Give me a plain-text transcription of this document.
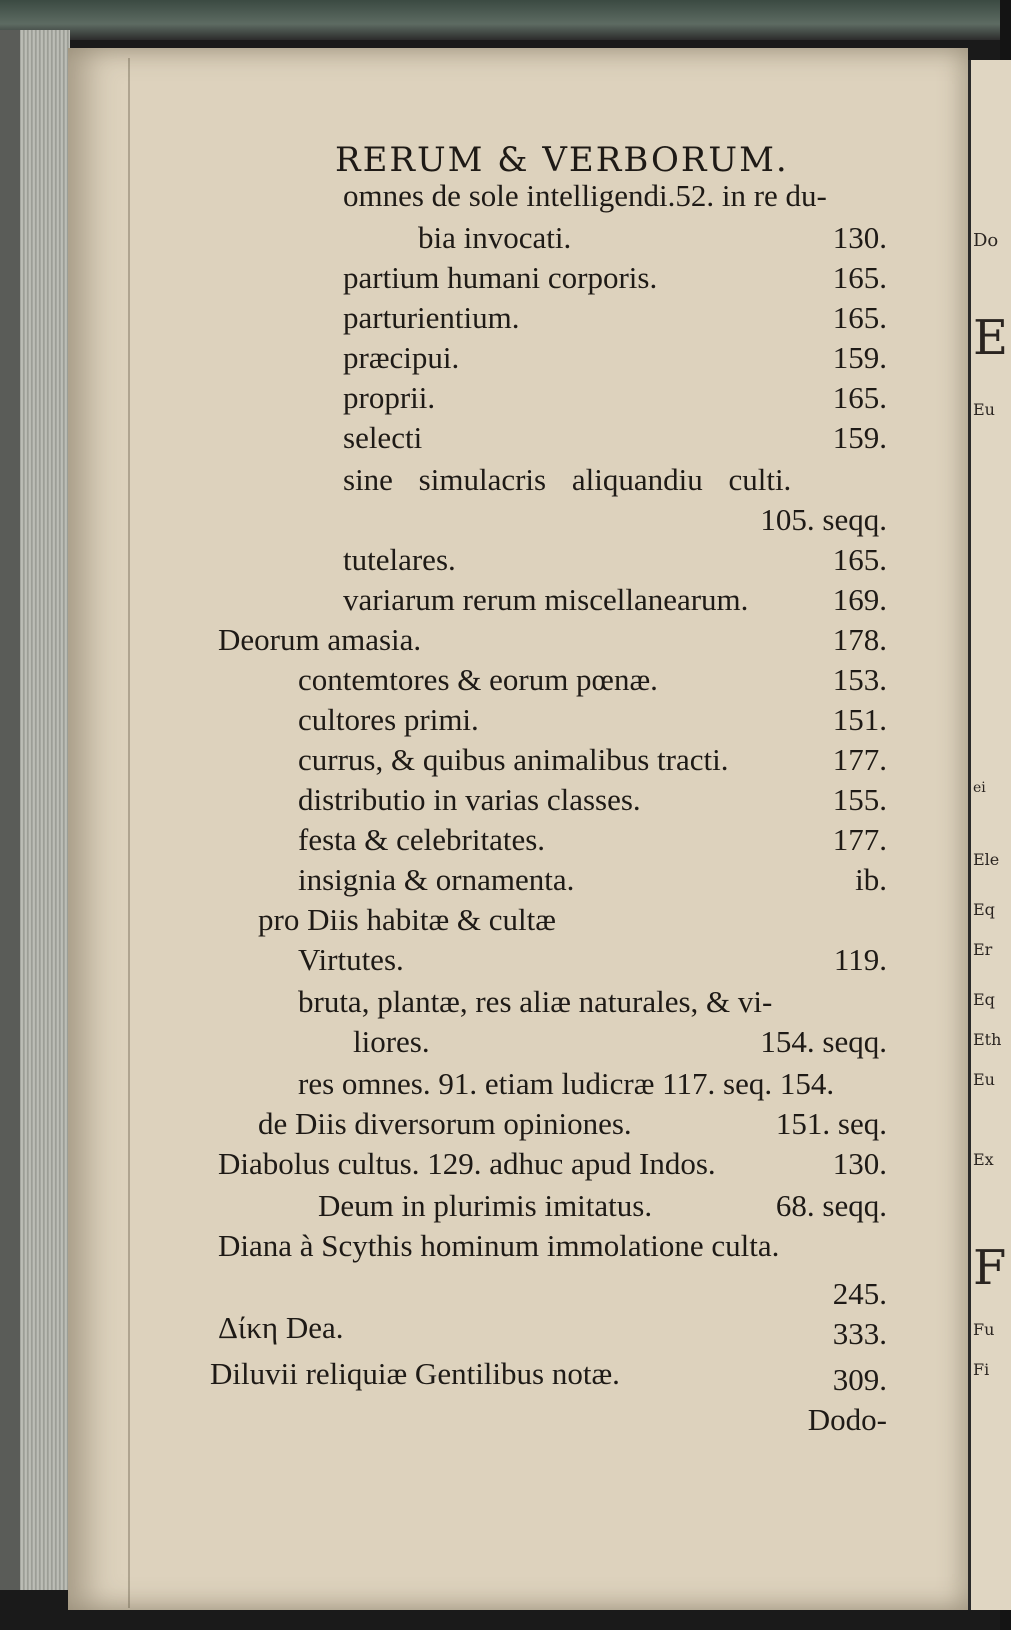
RERUM & VERBORUM.
omnes de sole intelligendi.52. in re du-
bia invocati.	130.
partium humani corporis.	165.
parturientium.	165.
præcipui.	159.
proprii.	165.
selecti	159.
sine simulacris aliquandiu culti.
105. seqq.
tutelares.	165.
variarum rerum miscellanearum.	169.
Deorum amasia.	178.
contemtores & eorum pœnæ.	153.
cultores primi.	151.
currus, & quibus animalibus tracti.	177.
distributio in varias classes.	155.
festa & celebritates.	177.
insignia & ornamenta.	ib.
pro Diis habitæ & cultæ
Virtutes.	119.
bruta, plantæ, res aliæ naturales, & vi-
liores.	154. seqq.
res omnes. 91. etiam ludicræ 117. seq. 154.
de Diis diversorum opiniones.	151. seq.
Diabolus cultus. 129. adhuc apud Indos.	130.
Deum in plurimis imitatus.	68. seqq.
Diana à Scythis hominum immolatione culta.
245.
Δίκη Dea.	333.
Diluvii reliquiæ Gentilibus notæ.	309.
Dodo-
Do
E
Eu
ei
Ele
Eq
Er
Eq
Eth
Eu
Ex
F
Fu
Fi
